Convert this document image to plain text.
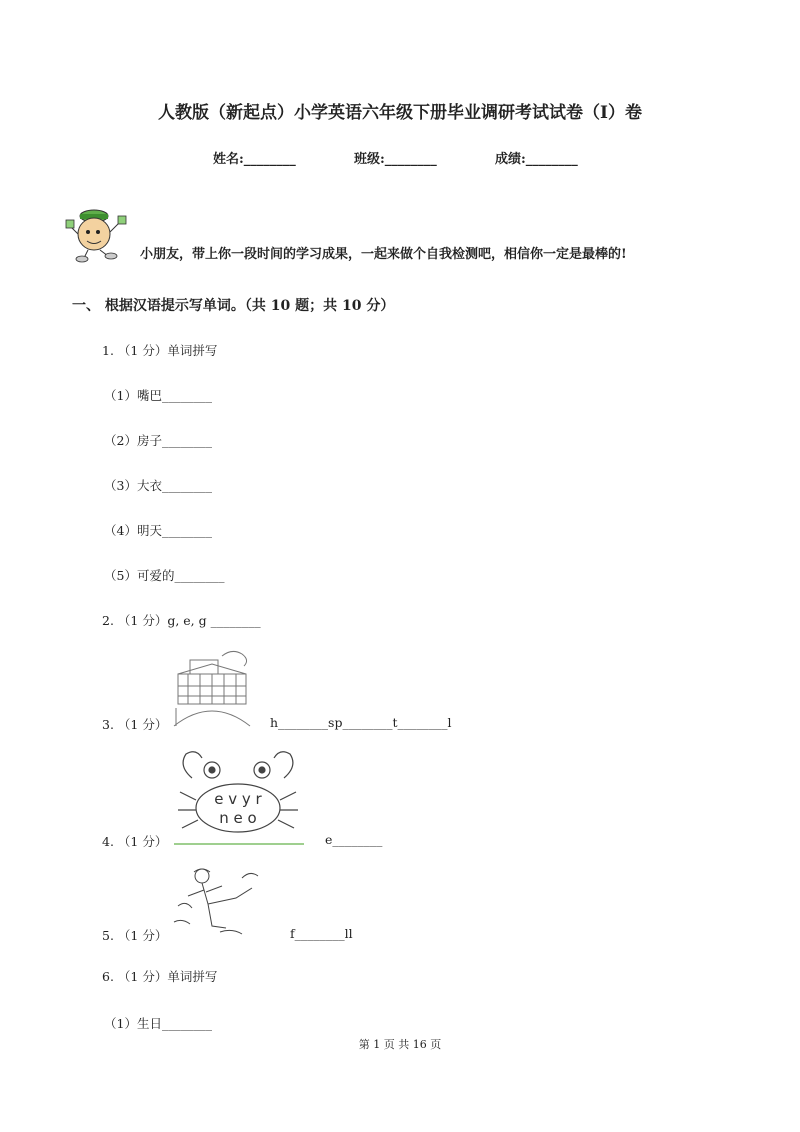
人教版（新起点）小学英语六年级下册毕业调研考试试卷（I）卷
姓名:________	班级:________	成绩:________
小朋友，带上你一段时间的学习成果，一起来做个自我检测吧，相信你一定是最棒的!
一、 根据汉语提示写单词。（共 10 题；共 10 分）
1. （1 分）单词拼写
（1）嘴巴________
（2）房子________
（3）大衣________
（4）明天________
（5）可爱的________
2. （1 分）g, e, g ________
3. （1 分）	h________sp________t________l
e v y r
n e o
4. （1 分）	e________
5. （1 分）	f________ll
6. （1 分）单词拼写
（1）生日________
第 1 页 共 16 页
